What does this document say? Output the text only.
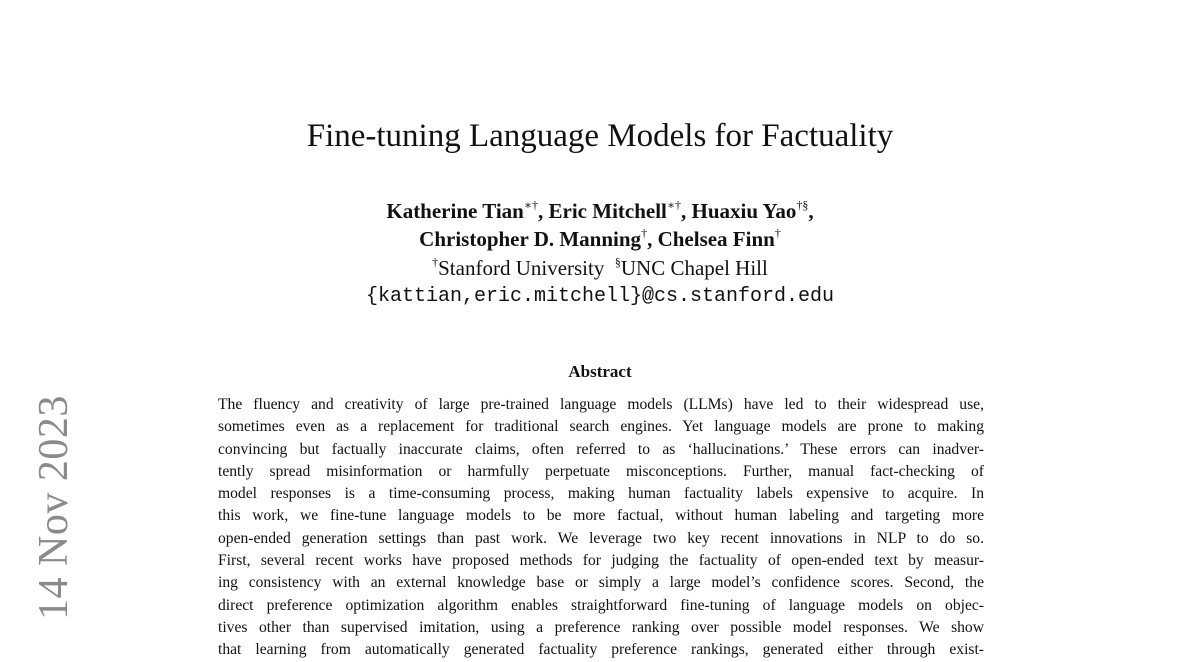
14 Nov 2023
Fine-tuning Language Models for Factuality
Katherine Tian∗†, Eric Mitchell∗†, Huaxiu Yao†§,
Christopher D. Manning†, Chelsea Finn†
†Stanford University §UNC Chapel Hill
{kattian,eric.mitchell}@cs.stanford.edu
Abstract
The fluency and creativity of large pre-trained language models (LLMs) have led to their widespread use,
sometimes even as a replacement for traditional search engines. Yet language models are prone to making
convincing but factually inaccurate claims, often referred to as ‘hallucinations.’ These errors can inadver-
tently spread misinformation or harmfully perpetuate misconceptions. Further, manual fact-checking of
model responses is a time-consuming process, making human factuality labels expensive to acquire. In
this work, we fine-tune language models to be more factual, without human labeling and targeting more
open-ended generation settings than past work. We leverage two key recent innovations in NLP to do so.
First, several recent works have proposed methods for judging the factuality of open-ended text by measur-
ing consistency with an external knowledge base or simply a large model’s confidence scores. Second, the
direct preference optimization algorithm enables straightforward fine-tuning of language models on objec-
tives other than supervised imitation, using a preference ranking over possible model responses. We show
that learning from automatically generated factuality preference rankings, generated either through exist-
